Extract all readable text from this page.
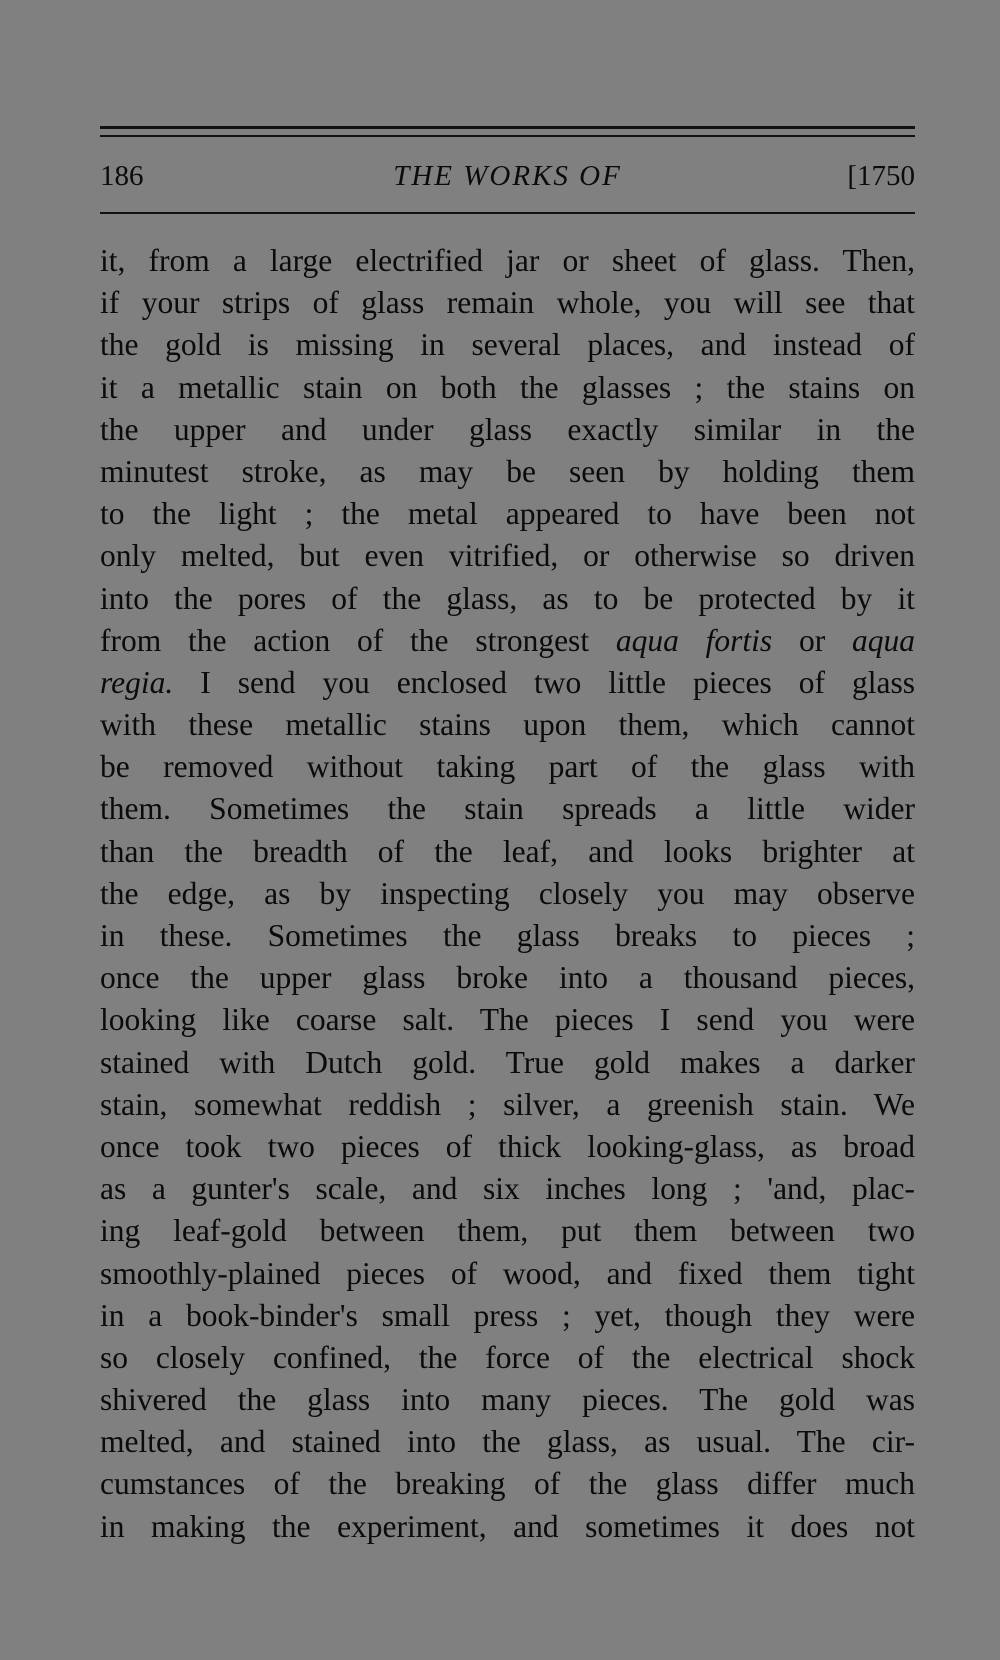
186	THE WORKS OF	[1750
it, from a large electrified jar or sheet of glass. Then,
if your strips of glass remain whole, you will see that
the gold is missing in several places, and instead of
it a metallic stain on both the glasses ; the stains on
the upper and under glass exactly similar in the
minutest stroke, as may be seen by holding them
to the light ; the metal appeared to have been not
only melted, but even vitrified, or otherwise so driven
into the pores of the glass, as to be protected by it
from the action of the strongest aqua fortis or aqua
regia. I send you enclosed two little pieces of glass
with these metallic stains upon them, which cannot
be removed without taking part of the glass with
them. Sometimes the stain spreads a little wider
than the breadth of the leaf, and looks brighter at
the edge, as by inspecting closely you may observe
in these. Sometimes the glass breaks to pieces ;
once the upper glass broke into a thousand pieces,
looking like coarse salt. The pieces I send you were
stained with Dutch gold. True gold makes a darker
stain, somewhat reddish ; silver, a greenish stain. We
once took two pieces of thick looking-glass, as broad
as a gunter's scale, and six inches long ; 'and, plac-
ing leaf-gold between them, put them between two
smoothly-plained pieces of wood, and fixed them tight
in a book-binder's small press ; yet, though they were
so closely confined, the force of the electrical shock
shivered the glass into many pieces. The gold was
melted, and stained into the glass, as usual. The cir-
cumstances of the breaking of the glass differ much
in making the experiment, and sometimes it does not
